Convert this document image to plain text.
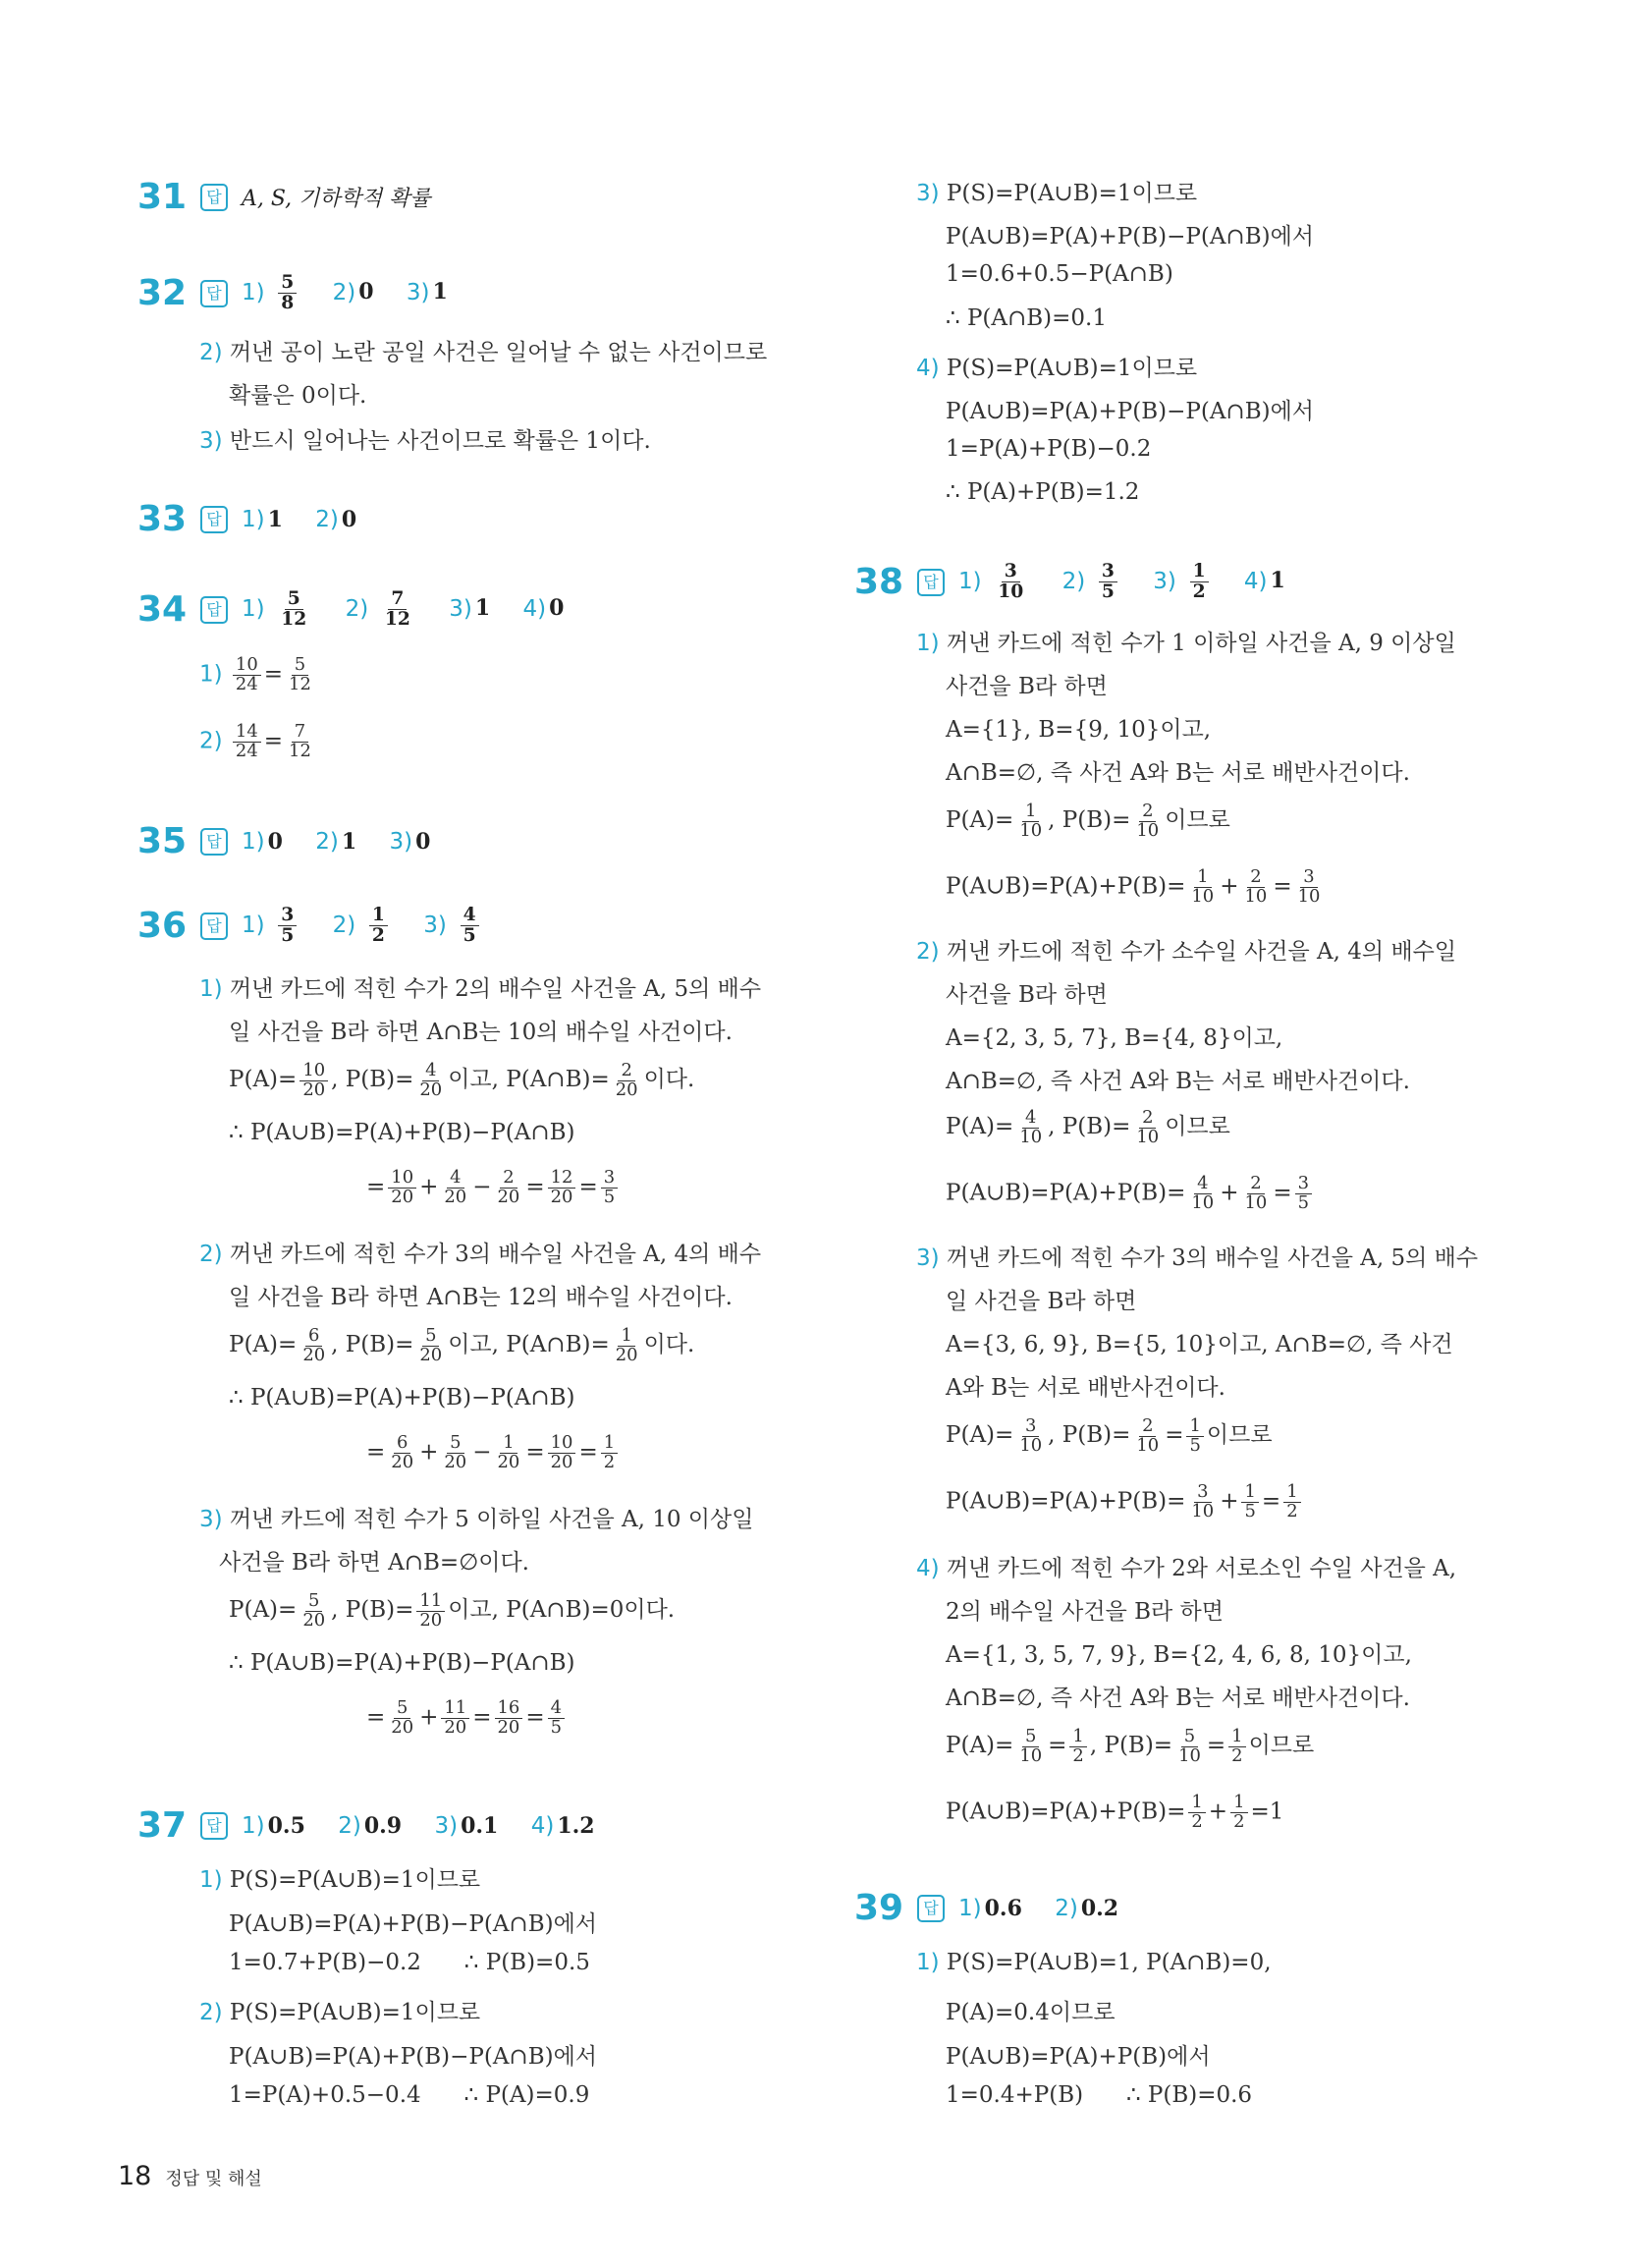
31	답 A, S, 기하학적 확률
32	답 $1) \frac{5}{8} 2$) 0 3) 1
2) 꺼낸 공이 노란 공일 사건은 일어날 수 없는 사건이므로
확률은 0이다.
3) 반드시 일어나는 사건이므로 확률은 1이다.
33	답 1) 1 2) 0
34	답 $1) \frac{5}{12} 2) \frac{7}{12} 3$) 1 4) 0
$1) \frac{10}{24} = \frac{5}{12}$
$2) \frac{14}{24} = \frac{7}{12}$
35	답 1) 0 2) 1 3) 0
36	답 $1) \frac{3}{5} 2) \frac{1}{2} 3) \frac{4}{5}$
1) 꺼낸 카드에 적힌 수가 2의 배수일 사건을 A, 5의 배수
일 사건을 B라 하면 A∩B는 10의 배수일 사건이다.
$P(A)= \frac{10}{20}$ , $P(B)= \frac{4}{20}$ 이고, P(A∩B)= $\frac{2}{20}$ 이다.
∴ P(A∪B)=P(A)+P(B)−P(A∩B)
= $\frac{10}{20} + \frac{4}{20} - \frac{2}{20} = \frac{12}{20} = \frac{3}{5}$
2) 꺼낸 카드에 적힌 수가 3의 배수일 사건을 A, 4의 배수
일 사건을 B라 하면 A∩B는 12의 배수일 사건이다.
$P(A)= \frac{6}{20}$ , $P(B)= \frac{5}{20}$ 이고, P(A∩B)= $\frac{1}{20}$ 이다.
∴ P(A∪B)=P(A)+P(B)−P(A∩B)
= $\frac{6}{20} + \frac{5}{20} - \frac{1}{20} = \frac{10}{20} = \frac{1}{2}$
3) 꺼낸 카드에 적힌 수가 5 이하일 사건을 A, 10 이상일
사건을 B라 하면 A∩B=∅이다.
$P(A)= \frac{5}{20}$ , $P(B)= \frac{11}{20}$ 이고, P(A∩B)=0이다.
∴ P(A∪B)=P(A)+P(B)−P(A∩B)
= $\frac{5}{20} + \frac{11}{20} = \frac{16}{20} = \frac{4}{5}$
37	답 1) 0.5 2) 0.9 3) 0.1 4) 1.2
1) P(S)=P(A∪B)=1이므로
P(A∪B)=P(A)+P(B)−P(A∩B)에서
1=0.7+P(B)−0.2      ∴ P(B)=0.5
2) P(S)=P(A∪B)=1이므로
P(A∪B)=P(A)+P(B)−P(A∩B)에서
1=P(A)+0.5−0.4      ∴ P(A)=0.9
3) P(S)=P(A∪B)=1이므로
P(A∪B)=P(A)+P(B)−P(A∩B)에서
1=0.6+0.5−P(A∩B)
∴ P(A∩B)=0.1
4) P(S)=P(A∪B)=1이므로
P(A∪B)=P(A)+P(B)−P(A∩B)에서
1=P(A)+P(B)−0.2
∴ P(A)+P(B)=1.2
38	답 $1) \frac{3}{10} 2) \frac{3}{5} 3) \frac{1}{2} 4$) 1
1) 꺼낸 카드에 적힌 수가 1 이하일 사건을 A, 9 이상일
사건을 B라 하면
A={1}, B={9, 10}이고,
A∩B=∅, 즉 사건 A와 B는 서로 배반사건이다.
$P(A)= \frac{1}{10}$ , $P(B)= \frac{2}{10}$ 이므로
P(A∪B)=P(A)+P(B)= $\frac{1}{10} + \frac{2}{10} = \frac{3}{10}$
2) 꺼낸 카드에 적힌 수가 소수일 사건을 A, 4의 배수일
사건을 B라 하면
A={2, 3, 5, 7}, B={4, 8}이고,
A∩B=∅, 즉 사건 A와 B는 서로 배반사건이다.
$P(A)= \frac{4}{10}$ , $P(B)= \frac{2}{10}$ 이므로
P(A∪B)=P(A)+P(B)= $\frac{4}{10} + \frac{2}{10} = \frac{3}{5}$
3) 꺼낸 카드에 적힌 수가 3의 배수일 사건을 A, 5의 배수
일 사건을 B라 하면
A={3, 6, 9}, B={5, 10}이고, A∩B=∅, 즉 사건
A와 B는 서로 배반사건이다.
$P(A)= \frac{3}{10}$ , $P(B)= \frac{2}{10} = \frac{1}{5}$ 이므로
P(A∪B)=P(A)+P(B)= $\frac{3}{10} + \frac{1}{5} = \frac{1}{2}$
4) 꺼낸 카드에 적힌 수가 2와 서로소인 수일 사건을 A,
2의 배수일 사건을 B라 하면
A={1, 3, 5, 7, 9}, B={2, 4, 6, 8, 10}이고,
A∩B=∅, 즉 사건 A와 B는 서로 배반사건이다.
$P(A)= \frac{5}{10} = \frac{1}{2}$ , $P(B)= \frac{5}{10} = \frac{1}{2}$ 이므로
P(A∪B)=P(A)+P(B)= $\frac{1}{2} + \frac{1}{2} =1$
39	답 1) 0.6 2) 0.2
1) P(S)=P(A∪B)=1, P(A∩B)=0,
P(A)=0.4이므로
P(A∪B)=P(A)+P(B)에서
1=0.4+P(B)      ∴ P(B)=0.6
18 정답 및 해설
